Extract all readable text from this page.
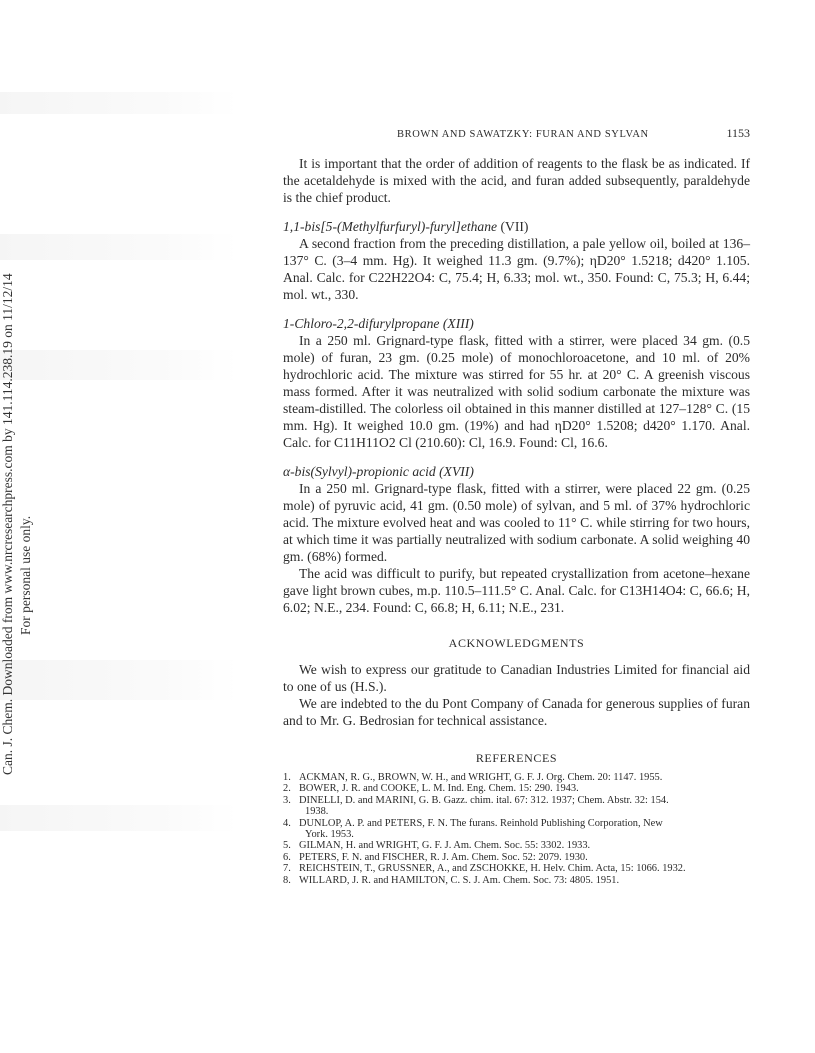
Can. J. Chem. Downloaded from www.nrcresearchpress.com by 141.114.238.19 on 11/12/14 For personal use only.
BROWN AND SAWATZKY: FURAN AND SYLVAN	1153

It is important that the order of addition of reagents to the flask be as indicated. If the acetaldehyde is mixed with the acid, and furan added subsequently, paraldehyde is the chief product.

1,1-bis[5-(Methylfurfuryl)-furyl]ethane (VII)

A second fraction from the preceding distillation, a pale yellow oil, boiled at 136–137° C. (3–4 mm. Hg). It weighed 11.3 gm. (9.7%); ηD20° 1.5218; d420° 1.105. Anal. Calc. for C22H22O4: C, 75.4; H, 6.33; mol. wt., 350. Found: C, 75.3; H, 6.44; mol. wt., 330.

1-Chloro-2,2-difurylpropane (XIII)

In a 250 ml. Grignard-type flask, fitted with a stirrer, were placed 34 gm. (0.5 mole) of furan, 23 gm. (0.25 mole) of monochloroacetone, and 10 ml. of 20% hydrochloric acid. The mixture was stirred for 55 hr. at 20° C. A greenish viscous mass formed. After it was neutralized with solid sodium carbonate the mixture was steam-distilled. The colorless oil obtained in this manner distilled at 127–128° C. (15 mm. Hg). It weighed 10.0 gm. (19%) and had ηD20° 1.5208; d420° 1.170. Anal. Calc. for C11H11O2 Cl (210.60): Cl, 16.9. Found: Cl, 16.6.

α-bis(Sylvyl)-propionic acid (XVII)

In a 250 ml. Grignard-type flask, fitted with a stirrer, were placed 22 gm. (0.25 mole) of pyruvic acid, 41 gm. (0.50 mole) of sylvan, and 5 ml. of 37% hydrochloric acid. The mixture evolved heat and was cooled to 11° C. while stirring for two hours, at which time it was partially neutralized with sodium carbonate. A solid weighing 40 gm. (68%) formed.

The acid was difficult to purify, but repeated crystallization from acetone–hexane gave light brown cubes, m.p. 110.5–111.5° C. Anal. Calc. for C13H14O4: C, 66.6; H, 6.02; N.E., 234. Found: C, 66.8; H, 6.11; N.E., 231.

ACKNOWLEDGMENTS

We wish to express our gratitude to Canadian Industries Limited for financial aid to one of us (H.S.).

We are indebted to the du Pont Company of Canada for generous supplies of furan and to Mr. G. Bedrosian for technical assistance.

REFERENCES
1. ACKMAN, R. G., BROWN, W. H., and WRIGHT, G. F. J. Org. Chem. 20: 1147. 1955.
2. BOWER, J. R. and COOKE, L. M. Ind. Eng. Chem. 15: 290. 1943.
3. DINELLI, D. and MARINI, G. B. Gazz. chim. ital. 67: 312. 1937; Chem. Abstr. 32: 154.
1938.
4. DUNLOP, A. P. and PETERS, F. N. The furans. Reinhold Publishing Corporation, New
York. 1953.
5. GILMAN, H. and WRIGHT, G. F. J. Am. Chem. Soc. 55: 3302. 1933.
6. PETERS, F. N. and FISCHER, R. J. Am. Chem. Soc. 52: 2079. 1930.
7. REICHSTEIN, T., GRUSSNER, A., and ZSCHOKKE, H. Helv. Chim. Acta, 15: 1066. 1932.
8. WILLARD, J. R. and HAMILTON, C. S. J. Am. Chem. Soc. 73: 4805. 1951.
